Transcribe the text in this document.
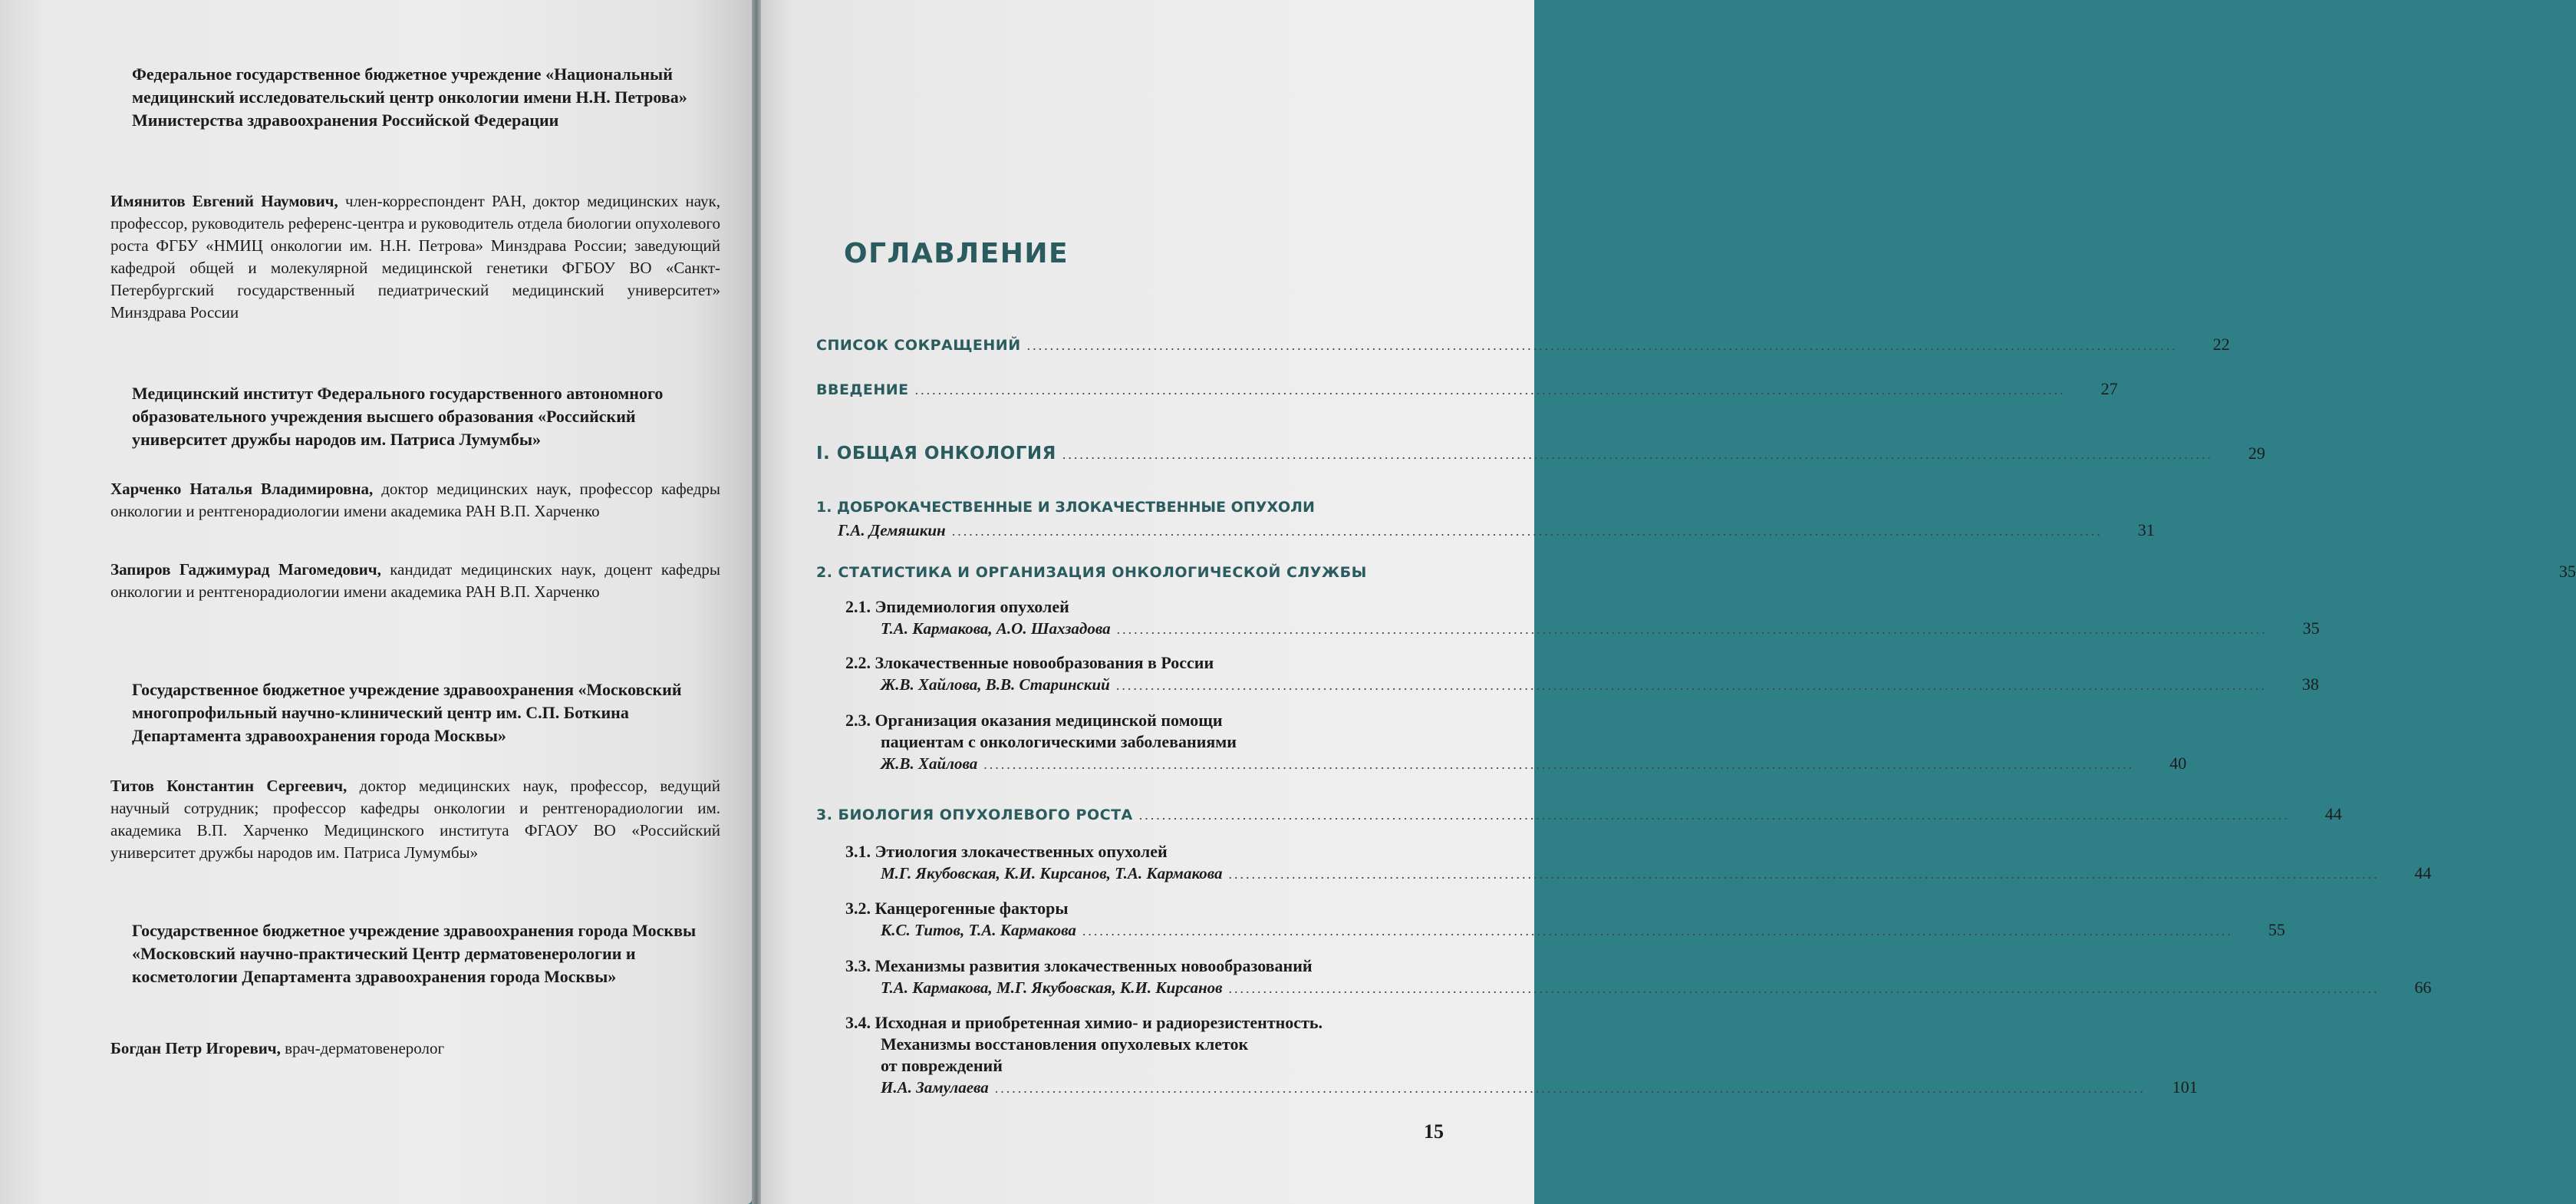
Федеральное государственное бюджетное учреждение «Национальный медицинский исследовательский центр онкологии имени Н.Н. Петрова» Министерства здравоохранения Российской Федерации
Имянитов Евгений Наумович, член-корреспондент РАН, доктор медицинских наук, профессор, руководитель референс-центра и руководитель отдела биологии опухолевого роста ФГБУ «НМИЦ онкологии им. Н.Н. Петрова» Минздрава России; заведующий кафедрой общей и молекулярной медицинской генетики ФГБОУ ВО «Санкт-Петербургский государственный педиатрический медицинский университет» Минздрава России
Медицинский институт Федерального государственного автономного образовательного учреждения высшего образования «Российский университет дружбы народов им. Патриса Лумумбы»
Харченко Наталья Владимировна, доктор медицинских наук, профессор кафедры онкологии и рентгенорадиологии имени академика РАН В.П. Харченко
Запиров Гаджимурад Магомедович, кандидат медицинских наук, доцент кафедры онкологии и рентгенорадиологии имени академика РАН В.П. Харченко
Государственное бюджетное учреждение здравоохранения «Московский многопрофильный научно-клинический центр им. С.П. Боткина Департамента здравоохранения города Москвы»
Титов Константин Сергеевич, доктор медицинских наук, профессор, ведущий научный сотрудник; профессор кафедры онкологии и рентгенорадиологии им. академика В.П. Харченко Медицинского института ФГАОУ ВО «Российский университет дружбы народов им. Патриса Лумумбы»
Государственное бюджетное учреждение здравоохранения города Москвы «Московский научно-практический Центр дерматовенерологии и косметологии Департамента здравоохранения города Москвы»
Богдан Петр Игоревич, врач-дерматовенеролог
ОГЛАВЛЕНИЕ
СПИСОК СОКРАЩЕНИЙ ........................................................................................................................................................................................................	22
ВВЕДЕНИЕ ........................................................................................................................................................................................................	27
I. ОБЩАЯ ОНКОЛОГИЯ ........................................................................................................................................................................................................	29
1. ДОБРОКАЧЕСТВЕННЫЕ И ЗЛОКАЧЕСТВЕННЫЕ ОПУХОЛИ
Г.А. Демяшкин ........................................................................................................................................................................................................	31
2. СТАТИСТИКА И ОРГАНИЗАЦИЯ ОНКОЛОГИЧЕСКОЙ СЛУЖБЫ	35
2.1. Эпидемиология опухолей
Т.А. Кармакова, А.О. Шахзадова ........................................................................................................................................................................................................	35
2.2. Злокачественные новообразования в России
Ж.В. Хайлова, В.В. Старинский ........................................................................................................................................................................................................	38
2.3. Организация оказания медицинской помощи
пациентам с онкологическими заболеваниями
Ж.В. Хайлова ........................................................................................................................................................................................................	40
3. БИОЛОГИЯ ОПУХОЛЕВОГО РОСТА ........................................................................................................................................................................................................	44
3.1. Этиология злокачественных опухолей
М.Г. Якубовская, К.И. Кирсанов, Т.А. Кармакова ........................................................................................................................................................................................................	44
3.2. Канцерогенные факторы
К.С. Титов, Т.А. Кармакова ........................................................................................................................................................................................................	55
3.3. Механизмы развития злокачественных новообразований
Т.А. Кармакова, М.Г. Якубовская, К.И. Кирсанов ........................................................................................................................................................................................................	66
3.4. Исходная и приобретенная химио- и радиорезистентность.
Механизмы восстановления опухолевых клеток
от повреждений
И.А. Замулаева ........................................................................................................................................................................................................	101
15
